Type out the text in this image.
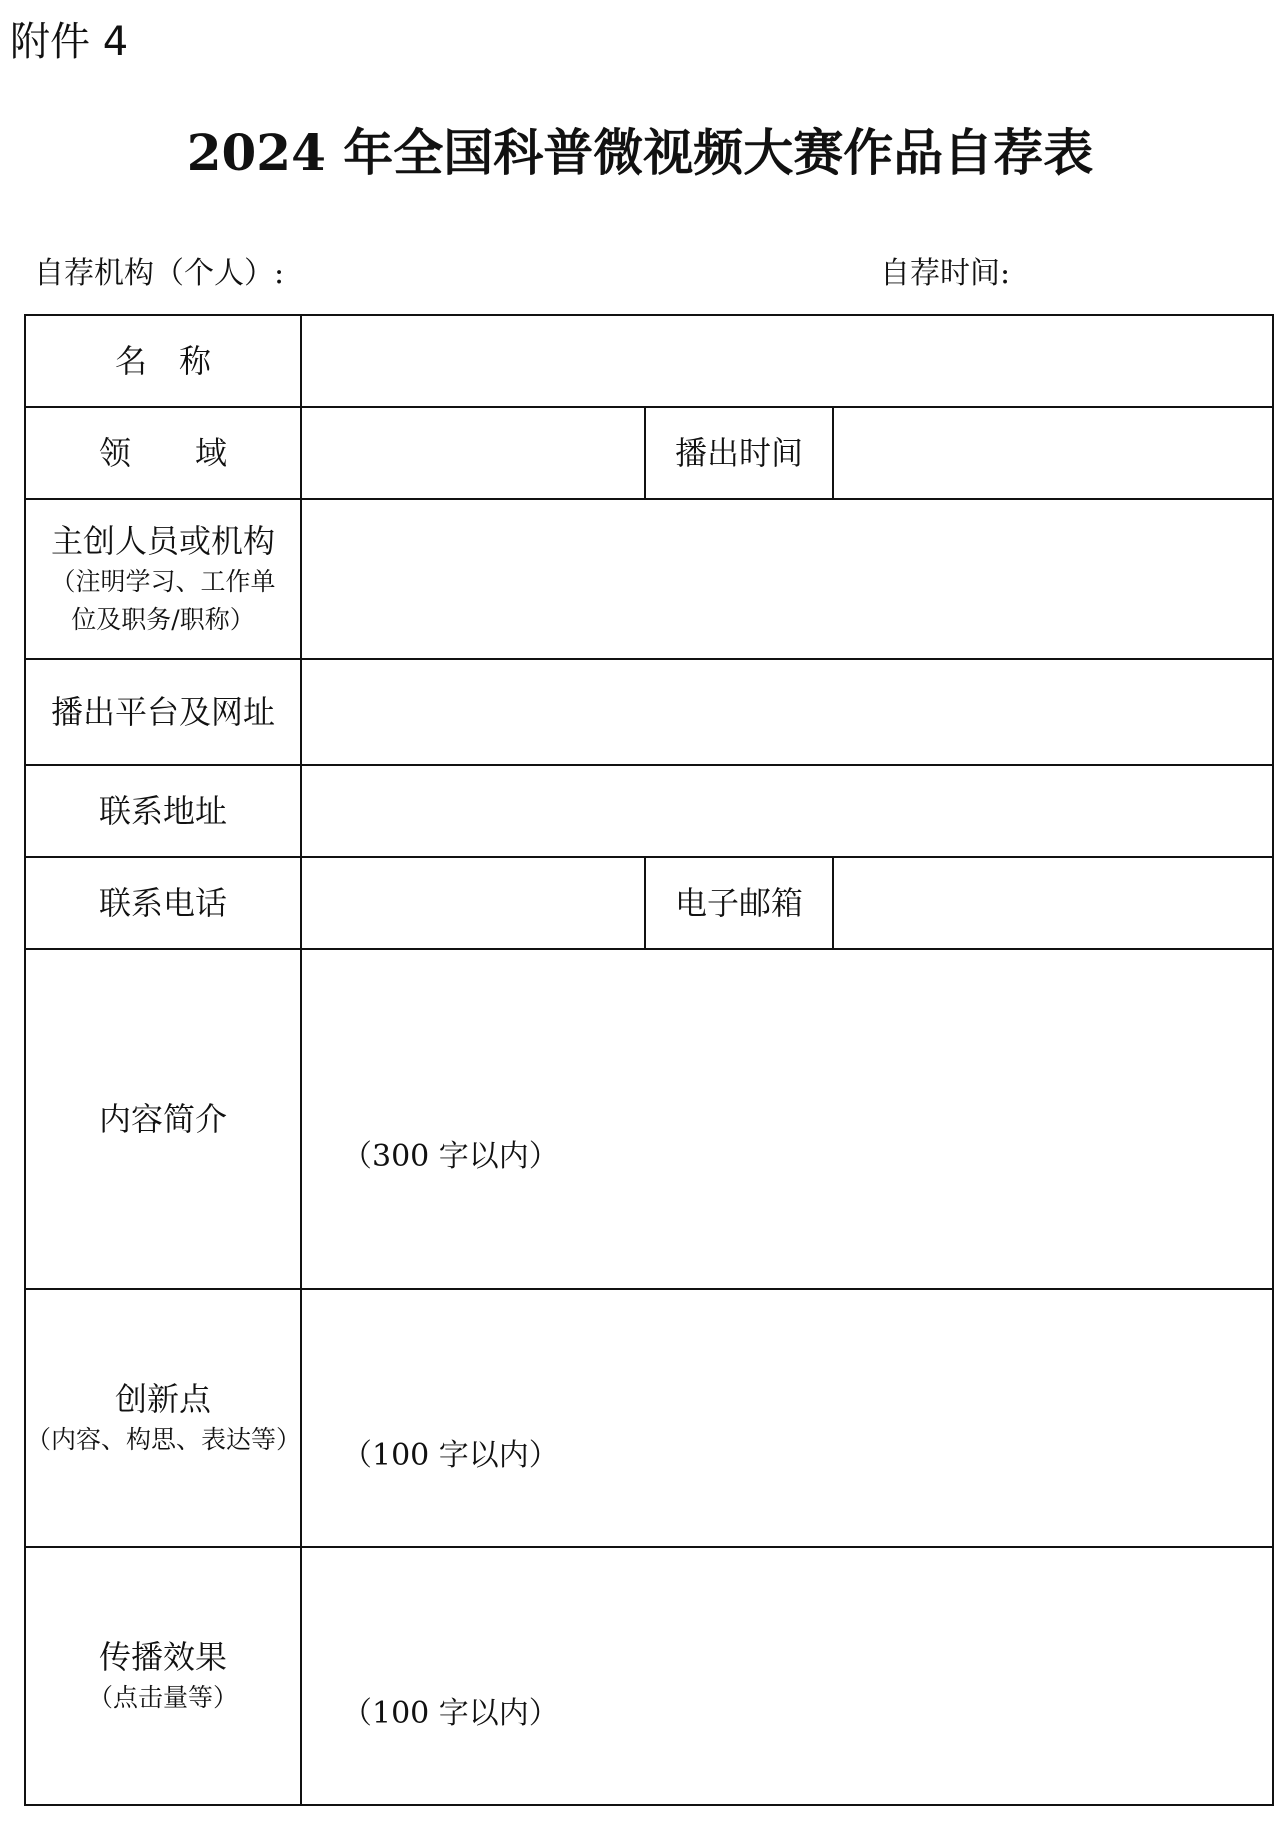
附件 4
2024 年全国科普微视频大赛作品自荐表
自荐机构（个人）:	自荐时间:
名　称			
领　　域		播出时间	
主创人员或机构
（注明学习、工作单
位及职务/职称）			

播出平台及网址			
联系地址			
联系电话		电子邮箱	
内容简介	（300 字以内）		

创新点
（内容、构思、表达等）	（100 字以内）		

传播效果
（点击量等）	（100 字以内）		
